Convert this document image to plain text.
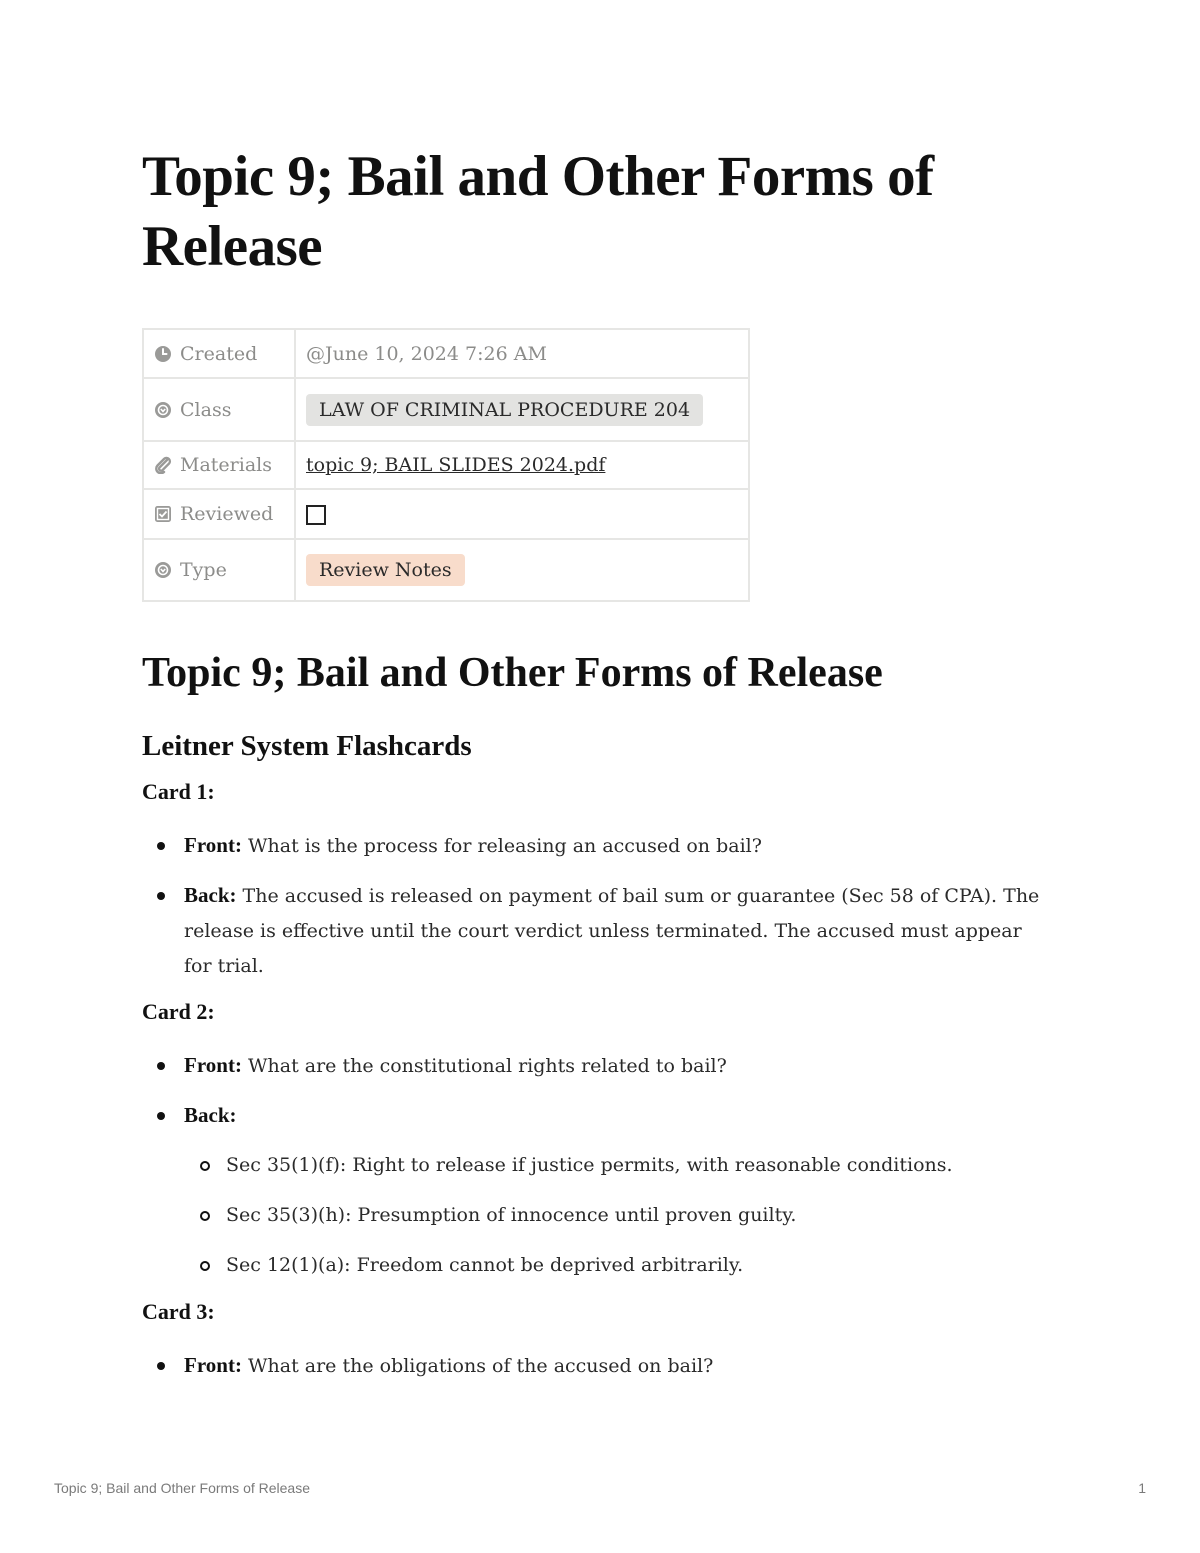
Topic 9; Bail and Other Forms of Release
Created	@June 10, 2024 7:26 AM
Class	LAW OF CRIMINAL PROCEDURE 204
Materials	topic 9; BAIL SLIDES 2024.pdf
Reviewed	
Type	Review Notes
Topic 9; Bail and Other Forms of Release
Leitner System Flashcards
Card 1:
Front: What is the process for releasing an accused on bail?
Back: The accused is released on payment of bail sum or guarantee (Sec 58 of CPA). The release is effective until the court verdict unless terminated. The accused must appear for trial.
Card 2:
Front: What are the constitutional rights related to bail?
Back:
Sec 35(1)(f): Right to release if justice permits, with reasonable conditions.
Sec 35(3)(h): Presumption of innocence until proven guilty.
Sec 12(1)(a): Freedom cannot be deprived arbitrarily.
Card 3:
Front: What are the obligations of the accused on bail?
Topic 9; Bail and Other Forms of Release	1
